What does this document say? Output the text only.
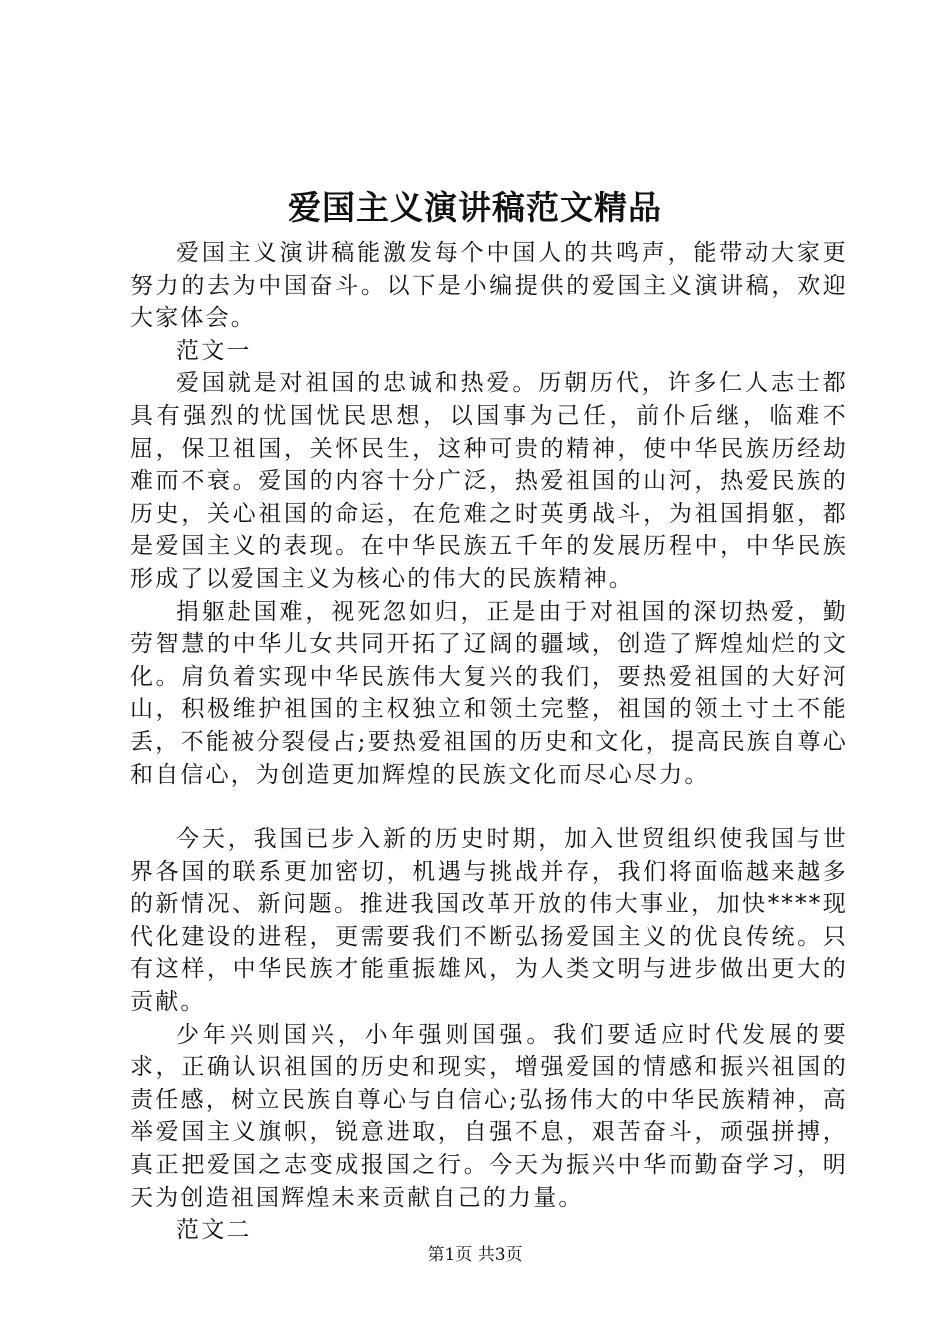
爱国主义演讲稿范文精品

爱国主义演讲稿能激发每个中国人的共鸣声，能带动大家更努力的去为中国奋斗。以下是小编提供的爱国主义演讲稿，欢迎大家体会。

范文一

爱国就是对祖国的忠诚和热爱。历朝历代，许多仁人志士都具有强烈的忧国忧民思想，以国事为己任，前仆后继，临难不屈，保卫祖国，关怀民生，这种可贵的精神，使中华民族历经劫难而不衰。爱国的内容十分广泛，热爱祖国的山河，热爱民族的历史，关心祖国的命运，在危难之时英勇战斗，为祖国捐躯，都是爱国主义的表现。在中华民族五千年的发展历程中，中华民族形成了以爱国主义为核心的伟大的民族精神。

捐躯赴国难，视死忽如归，正是由于对祖国的深切热爱，勤劳智慧的中华儿女共同开拓了辽阔的疆域，创造了辉煌灿烂的文化。肩负着实现中华民族伟大复兴的我们，要热爱祖国的大好河山，积极维护祖国的主权独立和领土完整，祖国的领土寸土不能丢，不能被分裂侵占;要热爱祖国的历史和文化，提高民族自尊心和自信心，为创造更加辉煌的民族文化而尽心尽力。

今天，我国已步入新的历史时期，加入世贸组织使我国与世界各国的联系更加密切，机遇与挑战并存，我们将面临越来越多的新情况、新问题。推进我国改革开放的伟大事业，加快****现代化建设的进程，更需要我们不断弘扬爱国主义的优良传统。只有这样，中华民族才能重振雄风，为人类文明与进步做出更大的贡献。

少年兴则国兴，小年强则国强。我们要适应时代发展的要求，正确认识祖国的历史和现实，增强爱国的情感和振兴祖国的责任感，树立民族自尊心与自信心;弘扬伟大的中华民族精神，高举爱国主义旗帜，锐意进取，自强不息，艰苦奋斗，顽强拼搏，真正把爱国之志变成报国之行。今天为振兴中华而勤奋学习，明天为创造祖国辉煌未来贡献自己的力量。

范文二

第1页 共3页
